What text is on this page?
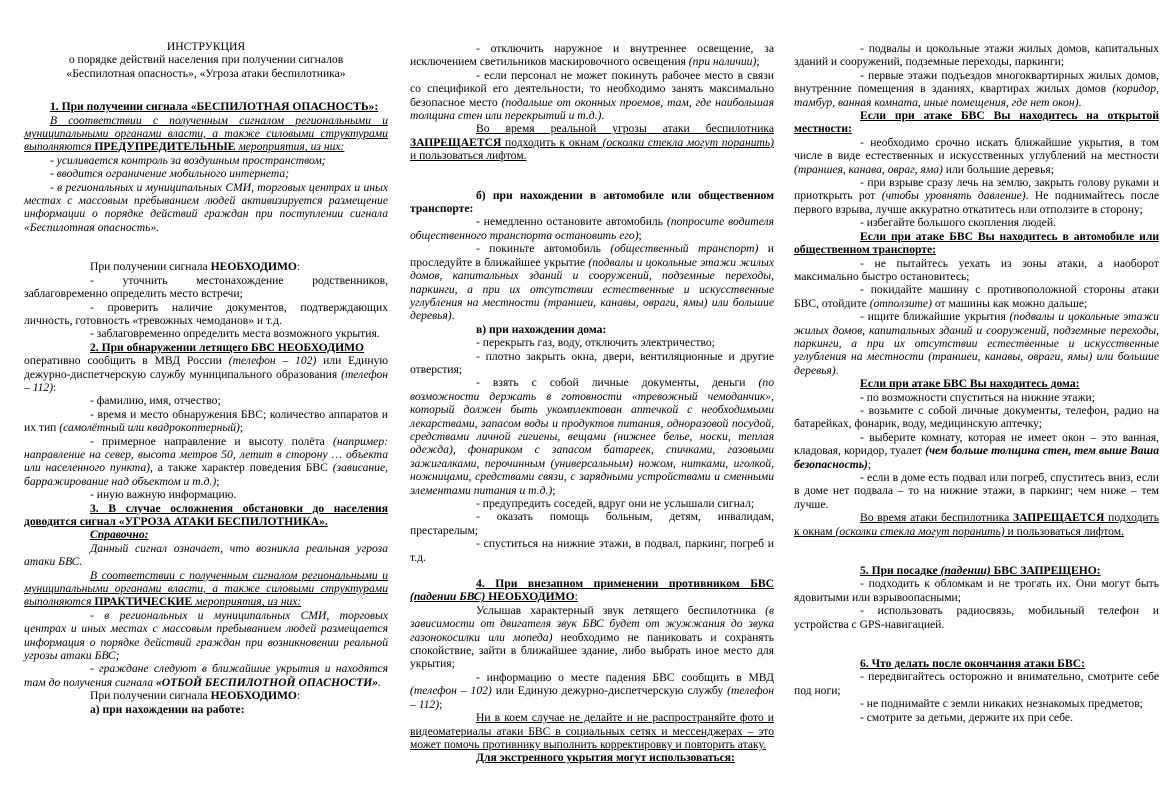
ИНСТРУКЦИЯ

о порядке действий населения при получении сигналов

«Беспилотная опасность», «Угроза атаки беспилотника»

1. При получении сигнала «БЕСПИЛОТНАЯ ОПАСНОСТЬ»:

В соответствии с полученным сигналом региональными и муниципальными органами власти, а также силовыми структурами выполняются ПРЕДУПРЕДИТЕЛЬНЫЕ мероприятия, из них:

- усиливается контроль за воздушным пространством;

- вводится ограничение мобильного интернета;

- в региональных и муниципальных СМИ, торговых центрах и иных местах с массовым пребыванием людей активизируется размещение информации о порядке действий граждан при поступлении сигнала «Беспилотная опасность».

При получении сигнала НЕОБХОДИМО:

- уточнить местонахождение родственников, заблаговременно определить место встречи;

- проверить наличие документов, подтверждающих личность, готовность «тревожных чемоданов» и т.д.

- заблаговременно определить места возможного укрытия.

2. При обнаружении летящего БВС НЕОБХОДИМО

оперативно сообщить в МВД России (телефон – 102) или Единую дежурно-диспетчерскую службу муниципального образования (телефон – 112):

- фамилию, имя, отчество;

- время и место обнаружения БВС; количество аппаратов и их тип (самолётный или квадрокоптерный);

- примерное направление и высоту полёта (например: направление на север, высота метров 50, летит в сторону … объекта или населенного пункта), а также характер поведения БВС (зависание, барражирование над объектом и т.д.);

- иную важную информацию.

3. В случае осложнения обстановки до населения доводится сигнал «УГРОЗА АТАКИ БЕСПИЛОТНИКА».

Справочно:

Данный сигнал означает, что возникла реальная угроза атаки БВС.

В соответствии с полученным сигналом региональными и муниципальными органами власти, а также силовыми структурами выполняются ПРАКТИЧЕСКИЕ мероприятия, из них:

- в региональных и муниципальных СМИ, торговых центрах и иных местах с массовым пребыванием людей размещается информация о порядке действий граждан при возникновении реальной угрозы атаки БВС;

- граждане следуют в ближайшие укрытия и находятся там до получения сигнала «ОТБОЙ БЕСПИЛОТНОЙ ОПАСНОСТИ».

При получении сигнала НЕОБХОДИМО:

а) при нахождении на работе:

- отключить наружное и внутреннее освещение, за исключением светильников маскировочного освещения (при наличии);

- если персонал не может покинуть рабочее место в связи со спецификой его деятельности, то необходимо занять максимально безопасное место (подальше от оконных проемов, там, где наибольшая толщина стен или перекрытий и т.д.).

Во время реальной угрозы атаки беспилотника ЗАПРЕЩАЕТСЯ подходить к окнам (осколки стекла могут поранить) и пользоваться лифтом.

б) при нахождении в автомобиле или общественном транспорте:

- немедленно остановите автомобиль (попросите водителя общественного транспорта остановить его);

- покиньте автомобиль (общественный транспорт) и проследуйте в ближайшее укрытие (подвалы и цокольные этажи жилых домов, капитальных зданий и сооружений, подземные переходы, паркинги, а при их отсутствии естественные и искусственные углубления на местности (траншеи, канавы, овраги, ямы) или большие деревья).

в) при нахождении дома:

- перекрыть газ, воду, отключить электричество;

- плотно закрыть окна, двери, вентиляционные и другие отверстия;

- взять с собой личные документы, деньги (по возможности держать в готовности «тревожный чемоданчик», который должен быть укомплектован аптечкой с необходимыми лекарствами, запасом воды и продуктов питания, одноразовой посудой, средствами личной гигиены, вещами (нижнее белье, носки, теплая одежда), фонариком с запасом батареек, спичками, газовыми зажигалками, перочинным (универсальным) ножом, нитками, иголкой, ножницами, средствами связи, с зарядными устройствами и сменными элементами питания и т.д.);

- предупредить соседей, вдруг они не услышали сигнал;

- оказать помощь больным, детям, инвалидам, престарелым;

- спуститься на нижние этажи, в подвал, паркинг, погреб и т.д.

4. При внезапном применении противником БВС (падении БВС) НЕОБХОДИМО:

Услышав характерный звук летящего беспилотника (в зависимости от двигателя звук БВС будет от жужжания до звука газонокосилки или мопеда) необходимо не паниковать и сохранять спокойствие, зайти в ближайшее здание, либо выбрать иное место для укрытия;

- информацию о месте падения БВС сообщить в МВД (телефон – 102) или Единую дежурно-диспетчерскую службу (телефон – 112);

Ни в коем случае не делайте и не распространяйте фото и видеоматериалы атаки БВС в социальных сетях и мессенджерах – это может помочь противнику выполнить корректировку и повторить атаку.

Для экстренного укрытия могут использоваться:

- подвалы и цокольные этажи жилых домов, капитальных зданий и сооружений, подземные переходы, паркинги;

- первые этажи подъездов многоквартирных жилых домов, внутренние помещения в зданиях, квартирах жилых домов (коридор, тамбур, ванная комната, иные помещения, где нет окон).

Если при атаке БВС Вы находитесь на открытой местности:

- необходимо срочно искать ближайшие укрытия, в том числе в виде естественных и искусственных углублений на местности (траншея, канава, овраг, яма) или большие деревья;

- при взрыве сразу лечь на землю, закрыть голову руками и приоткрыть рот (чтобы уровнять давление). Не поднимайтесь после первого взрыва, лучше аккуратно откатитесь или отползите в сторону;

- избегайте большого скопления людей.

Если при атаке БВС Вы находитесь в автомобиле или общественном транспорте:

- не пытайтесь уехать из зоны атаки, а наоборот максимально быстро остановитесь;

- покидайте машину с противоположной стороны атаки БВС, отойдите (отползите) от машины как можно дальше;

- ищите ближайшие укрытия (подвалы и цокольные этажи жилых домов, капитальных зданий и сооружений, подземные переходы, паркинги, а при их отсутствии естественные и искусственные углубления на местности (траншеи, канавы, овраги, ямы) или большие деревья).

Если при атаке БВС Вы находитесь дома:

- по возможности спуститься на нижние этажи;

- возьмите с собой личные документы, телефон, радио на батарейках, фонарик, воду, медицинскую аптечку;

- выберите комнату, которая не имеет окон – это ванная, кладовая, коридор, туалет (чем больше толщина стен, тем выше Ваша безопасность);

- если в доме есть подвал или погреб, спуститесь вниз, если в доме нет подвала – то на нижние этажи, в паркинг; чем ниже – тем лучше.

Во время атаки беспилотника ЗАПРЕЩАЕТСЯ подходить к окнам (осколки стекла могут поранить) и пользоваться лифтом.

5. При посадке (падении) БВС ЗАПРЕЩЕНО:

- подходить к обломкам и не трогать их. Они могут быть ядовитыми или взрывоопасными;

- использовать радиосвязь, мобильный телефон и устройства с GPS-навигацией.

6. Что делать после окончания атаки БВС:

- передвигайтесь осторожно и внимательно, смотрите себе под ноги;

- не поднимайте с земли никаких незнакомых предметов;

- смотрите за детьми, держите их при себе.
